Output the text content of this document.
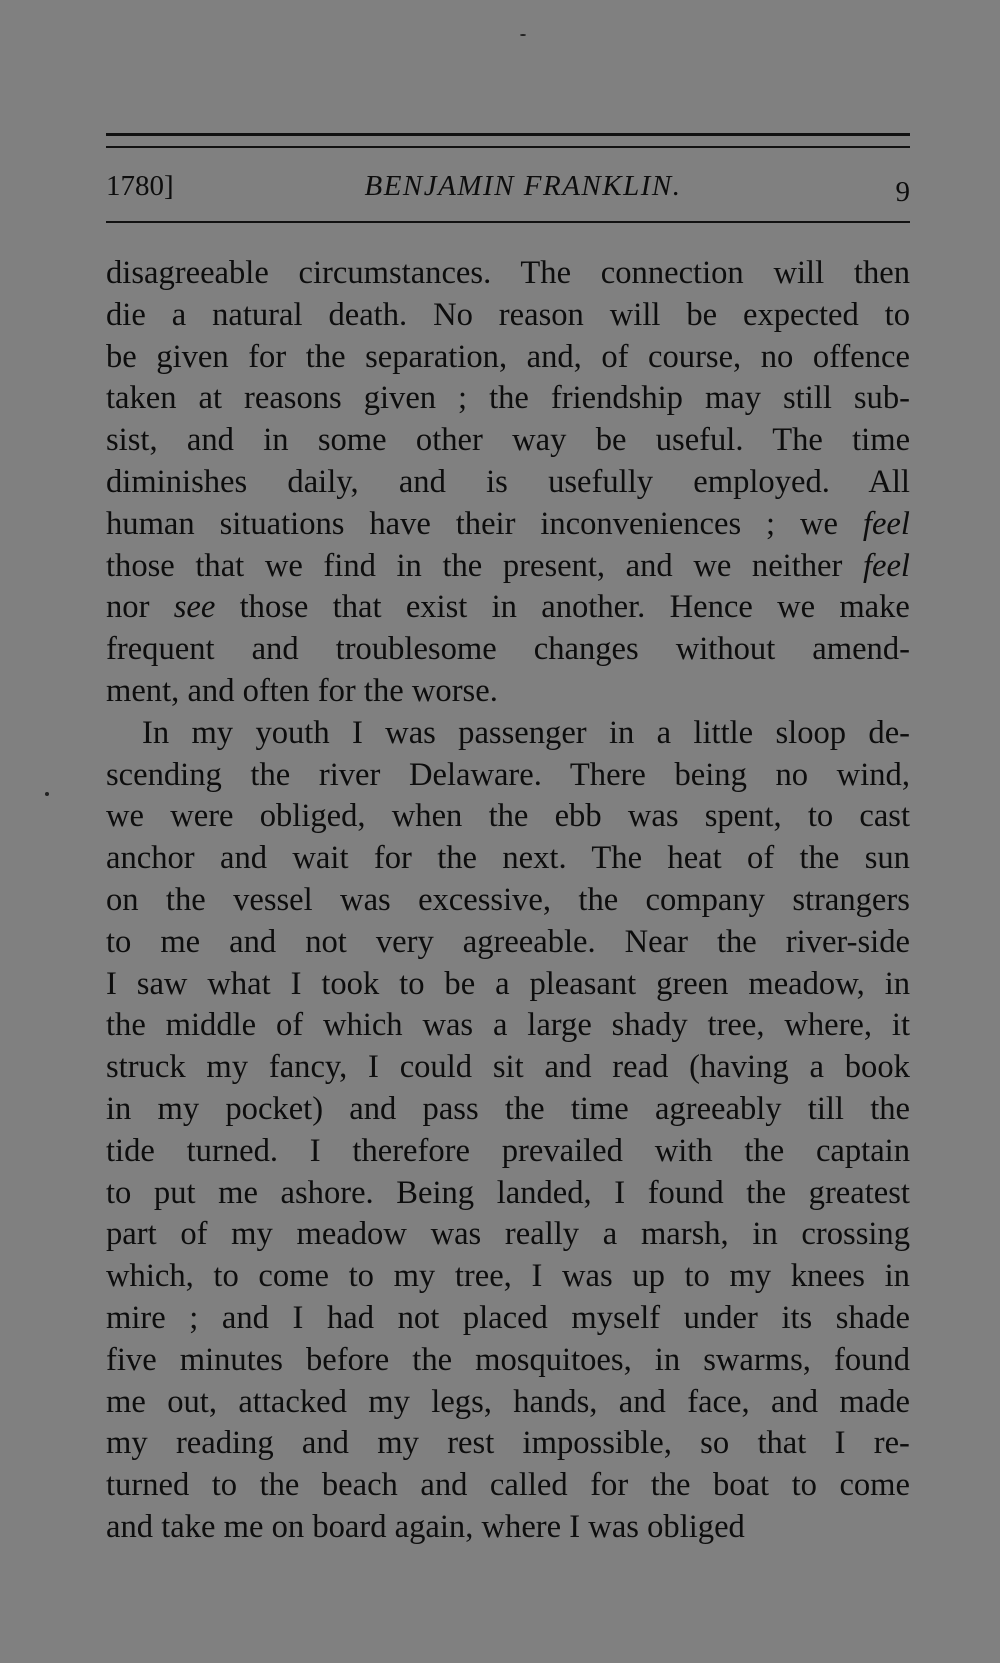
1780]	BENJAMIN FRANKLIN.	9
disagreeable circumstances. The connection will then
die a natural death. No reason will be expected to
be given for the separation, and, of course, no offence
taken at reasons given ; the friendship may still sub-
sist, and in some other way be useful. The time
diminishes daily, and is usefully employed. All
human situations have their inconveniences ; we feel
those that we find in the present, and we neither feel
nor see those that exist in another. Hence we make
frequent and troublesome changes without amend-
ment, and often for the worse.
In my youth I was passenger in a little sloop de-
scending the river Delaware. There being no wind,
we were obliged, when the ebb was spent, to cast
anchor and wait for the next. The heat of the sun
on the vessel was excessive, the company strangers
to me and not very agreeable. Near the river-side
I saw what I took to be a pleasant green meadow, in
the middle of which was a large shady tree, where, it
struck my fancy, I could sit and read (having a book
in my pocket) and pass the time agreeably till the
tide turned. I therefore prevailed with the captain
to put me ashore. Being landed, I found the greatest
part of my meadow was really a marsh, in crossing
which, to come to my tree, I was up to my knees in
mire ; and I had not placed myself under its shade
five minutes before the mosquitoes, in swarms, found
me out, attacked my legs, hands, and face, and made
my reading and my rest impossible, so that I re-
turned to the beach and called for the boat to come
and take me on board again, where I was obliged
